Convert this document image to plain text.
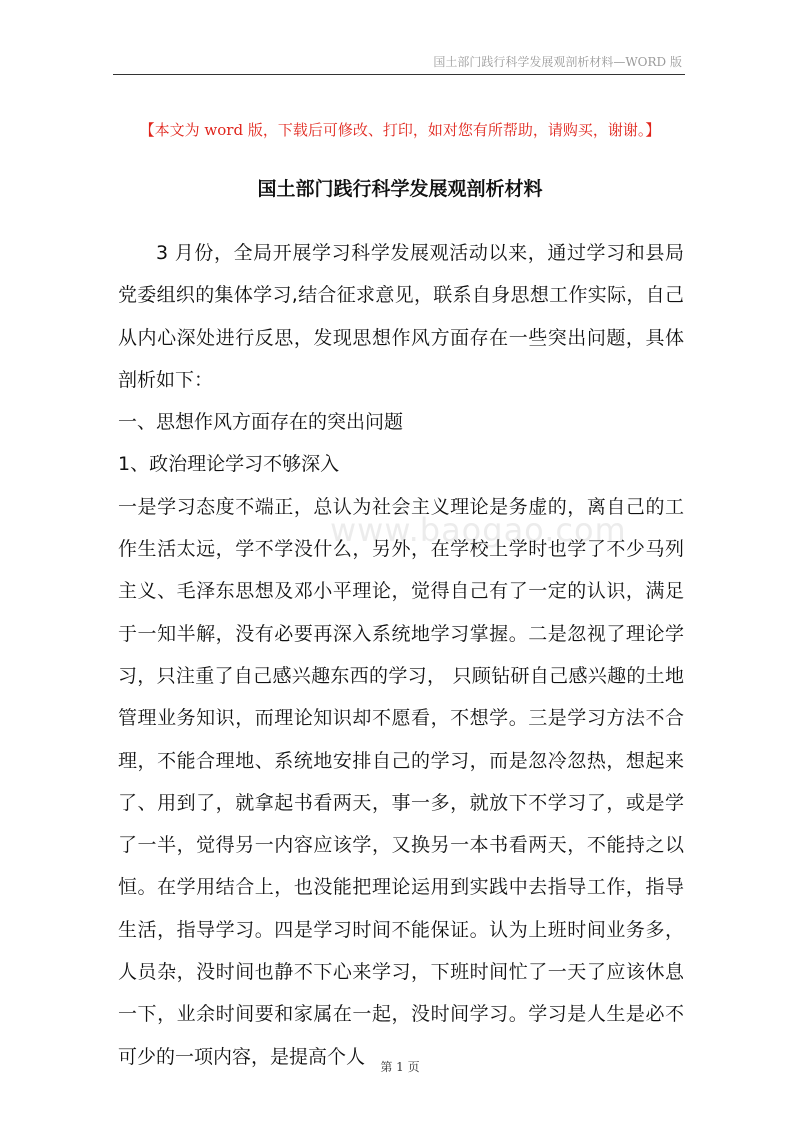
国土部门践行科学发展观剖析材料—WORD 版
【本文为 word 版，下载后可修改、打印，如对您有所帮助，请购买，谢谢。】
国土部门践行科学发展观剖析材料
www.baogao.com

3 月份，全局开展学习科学发展观活动以来，通过学习和县局党委组织的集体学习,结合征求意见，联系自身思想工作实际，自己从内心深处进行反思，发现思想作风方面存在一些突出问题，具体剖析如下：

一、思想作风方面存在的突出问题

1、政治理论学习不够深入

一是学习态度不端正，总认为社会主义理论是务虚的，离自己的工作生活太远，学不学没什么，另外，在学校上学时也学了不少马列主义、毛泽东思想及邓小平理论，觉得自己有了一定的认识，满足于一知半解，没有必要再深入系统地学习掌握。二是忽视了理论学习，只注重了自己感兴趣东西的学习， 只顾钻研自己感兴趣的土地管理业务知识，而理论知识却不愿看，不想学。三是学习方法不合理，不能合理地、系统地安排自己的学习，而是忽冷忽热，想起来了、用到了，就拿起书看两天，事一多，就放下不学习了，或是学了一半，觉得另一内容应该学，又换另一本书看两天，不能持之以恒。在学用结合上，也没能把理论运用到实践中去指导工作，指导生活，指导学习。四是学习时间不能保证。认为上班时间业务多，人员杂，没时间也静不下心来学习，下班时间忙了一天了应该休息一下，业余时间要和家属在一起，没时间学习。学习是人生是必不可少的一项内容，是提高个人	第 1 页
